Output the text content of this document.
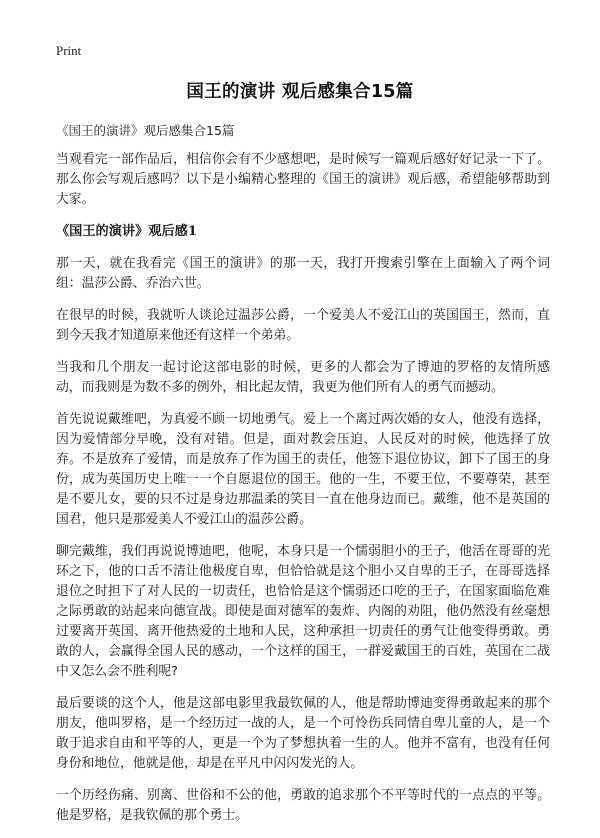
Print
国王的演讲 观后感集合15篇
《国王的演讲》观后感集合15篇

当观看完一部作品后，相信你会有不少感想吧，是时候写一篇观后感好好记录一下了。那么你会写观后感吗？以下是小编精心整理的《国王的演讲》观后感，希望能够帮助到大家。

《国王的演讲》观后感1

那一天，就在我看完《国王的演讲》的那一天，我打开搜索引擎在上面输入了两个词组：温莎公爵、乔治六世。

在很早的时候，我就听人谈论过温莎公爵，一个爱美人不爱江山的英国国王，然而，直到今天我才知道原来他还有这样一个弟弟。

当我和几个朋友一起讨论这部电影的时候，更多的人都会为了博迪的罗格的友情所感动，而我则是为数不多的例外，相比起友情，我更为他们所有人的勇气而撼动。

首先说说戴维吧，为真爱不顾一切地勇气。爱上一个离过两次婚的女人，他没有选择，因为爱情部分早晚，没有对错。但是，面对教会压迫、人民反对的时候，他选择了放弃。不是放弃了爱情，而是放弃了作为国王的责任，他签下退位协议，卸下了国王的身份，成为英国历史上唯一一个自愿退位的国王。他的一生，不要王位，不要尊荣，甚至是不要儿女，要的只不过是身边那温柔的笑目一直在他身边而已。戴维，他不是英国的国君，他只是那爱美人不爱江山的温莎公爵。

聊完戴维，我们再说说博迪吧，他呢，本身只是一个懦弱胆小的王子，他活在哥哥的光环之下，他的口舌不清让他极度自卑，但恰恰就是这个胆小又自卑的王子，在哥哥选择退位之时担下了对人民的一切责任，也恰恰是这个懦弱还口吃的王子，在国家面临危难之际勇敢的站起来向德宣战。即使是面对德军的轰炸、内阁的劝阻，他仍然没有丝毫想过要离开英国、离开他热爱的土地和人民，这种承担一切责任的勇气让他变得勇敢。勇敢的人，会赢得全国人民的感动，一个这样的国王，一群爱戴国王的百姓，英国在二战中又怎么会不胜利呢?

最后要谈的这个人，他是这部电影里我最钦佩的人，他是帮助博迪变得勇敢起来的那个朋友，他叫罗格，是一个经历过一战的人，是一个可怜伤兵同情自卑儿童的人，是一个敢于追求自由和平等的人，更是一个为了梦想执着一生的人。他并不富有，也没有任何身份和地位，他就是他，却是在平凡中闪闪发光的人。

一个历经伤痛、别离、世俗和不公的他，勇敢的追求那个不平等时代的一点点的平等。他是罗格，是我钦佩的那个勇士。
